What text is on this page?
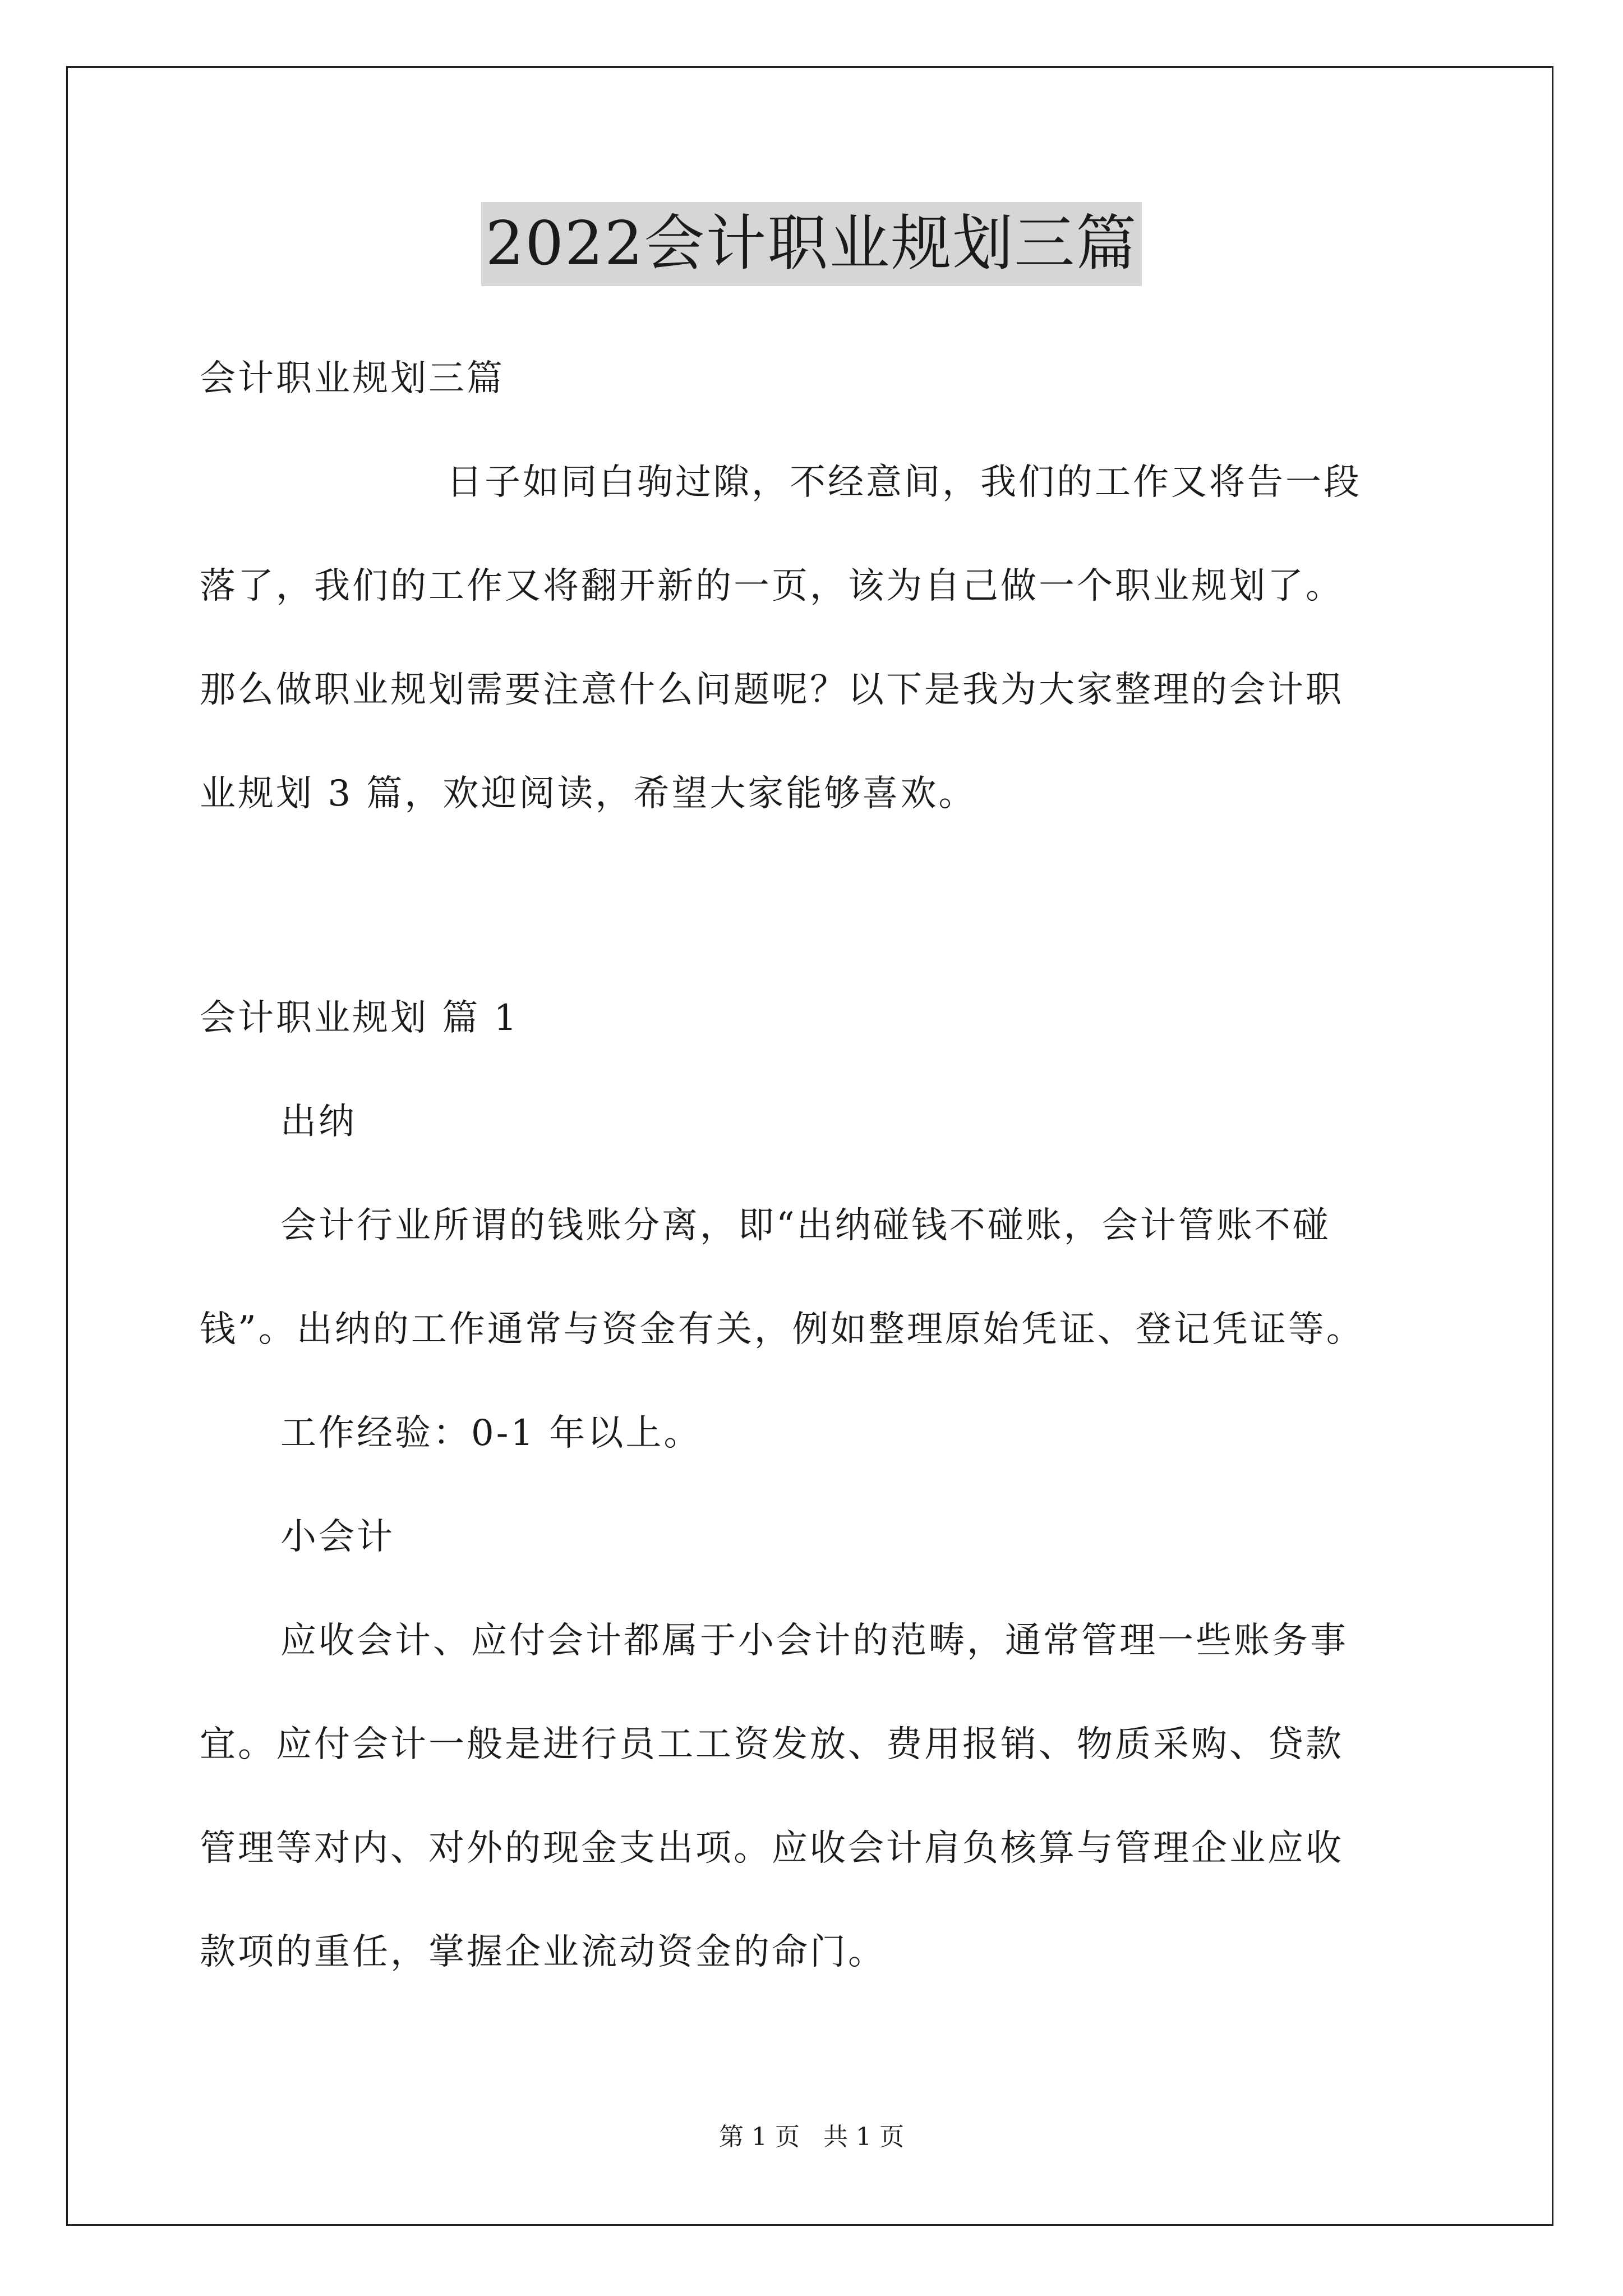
2022会计职业规划三篇
会计职业规划三篇
日子如同白驹过隙，不经意间，我们的工作又将告一段
落了，我们的工作又将翻开新的一页，该为自己做一个职业规划了。
那么做职业规划需要注意什么问题呢？以下是我为大家整理的会计职
业规划 3 篇，欢迎阅读，希望大家能够喜欢。
会计职业规划 篇 1
出纳
会计行业所谓的钱账分离，即“出纳碰钱不碰账，会计管账不碰
钱”。出纳的工作通常与资金有关，例如整理原始凭证、登记凭证等。
工作经验：0-1 年以上。
小会计
应收会计、应付会计都属于小会计的范畴，通常管理一些账务事
宜。应付会计一般是进行员工工资发放、费用报销、物质采购、贷款
管理等对内、对外的现金支出项。应收会计肩负核算与管理企业应收
款项的重任，掌握企业流动资金的命门。
第 1 页   共 1 页
